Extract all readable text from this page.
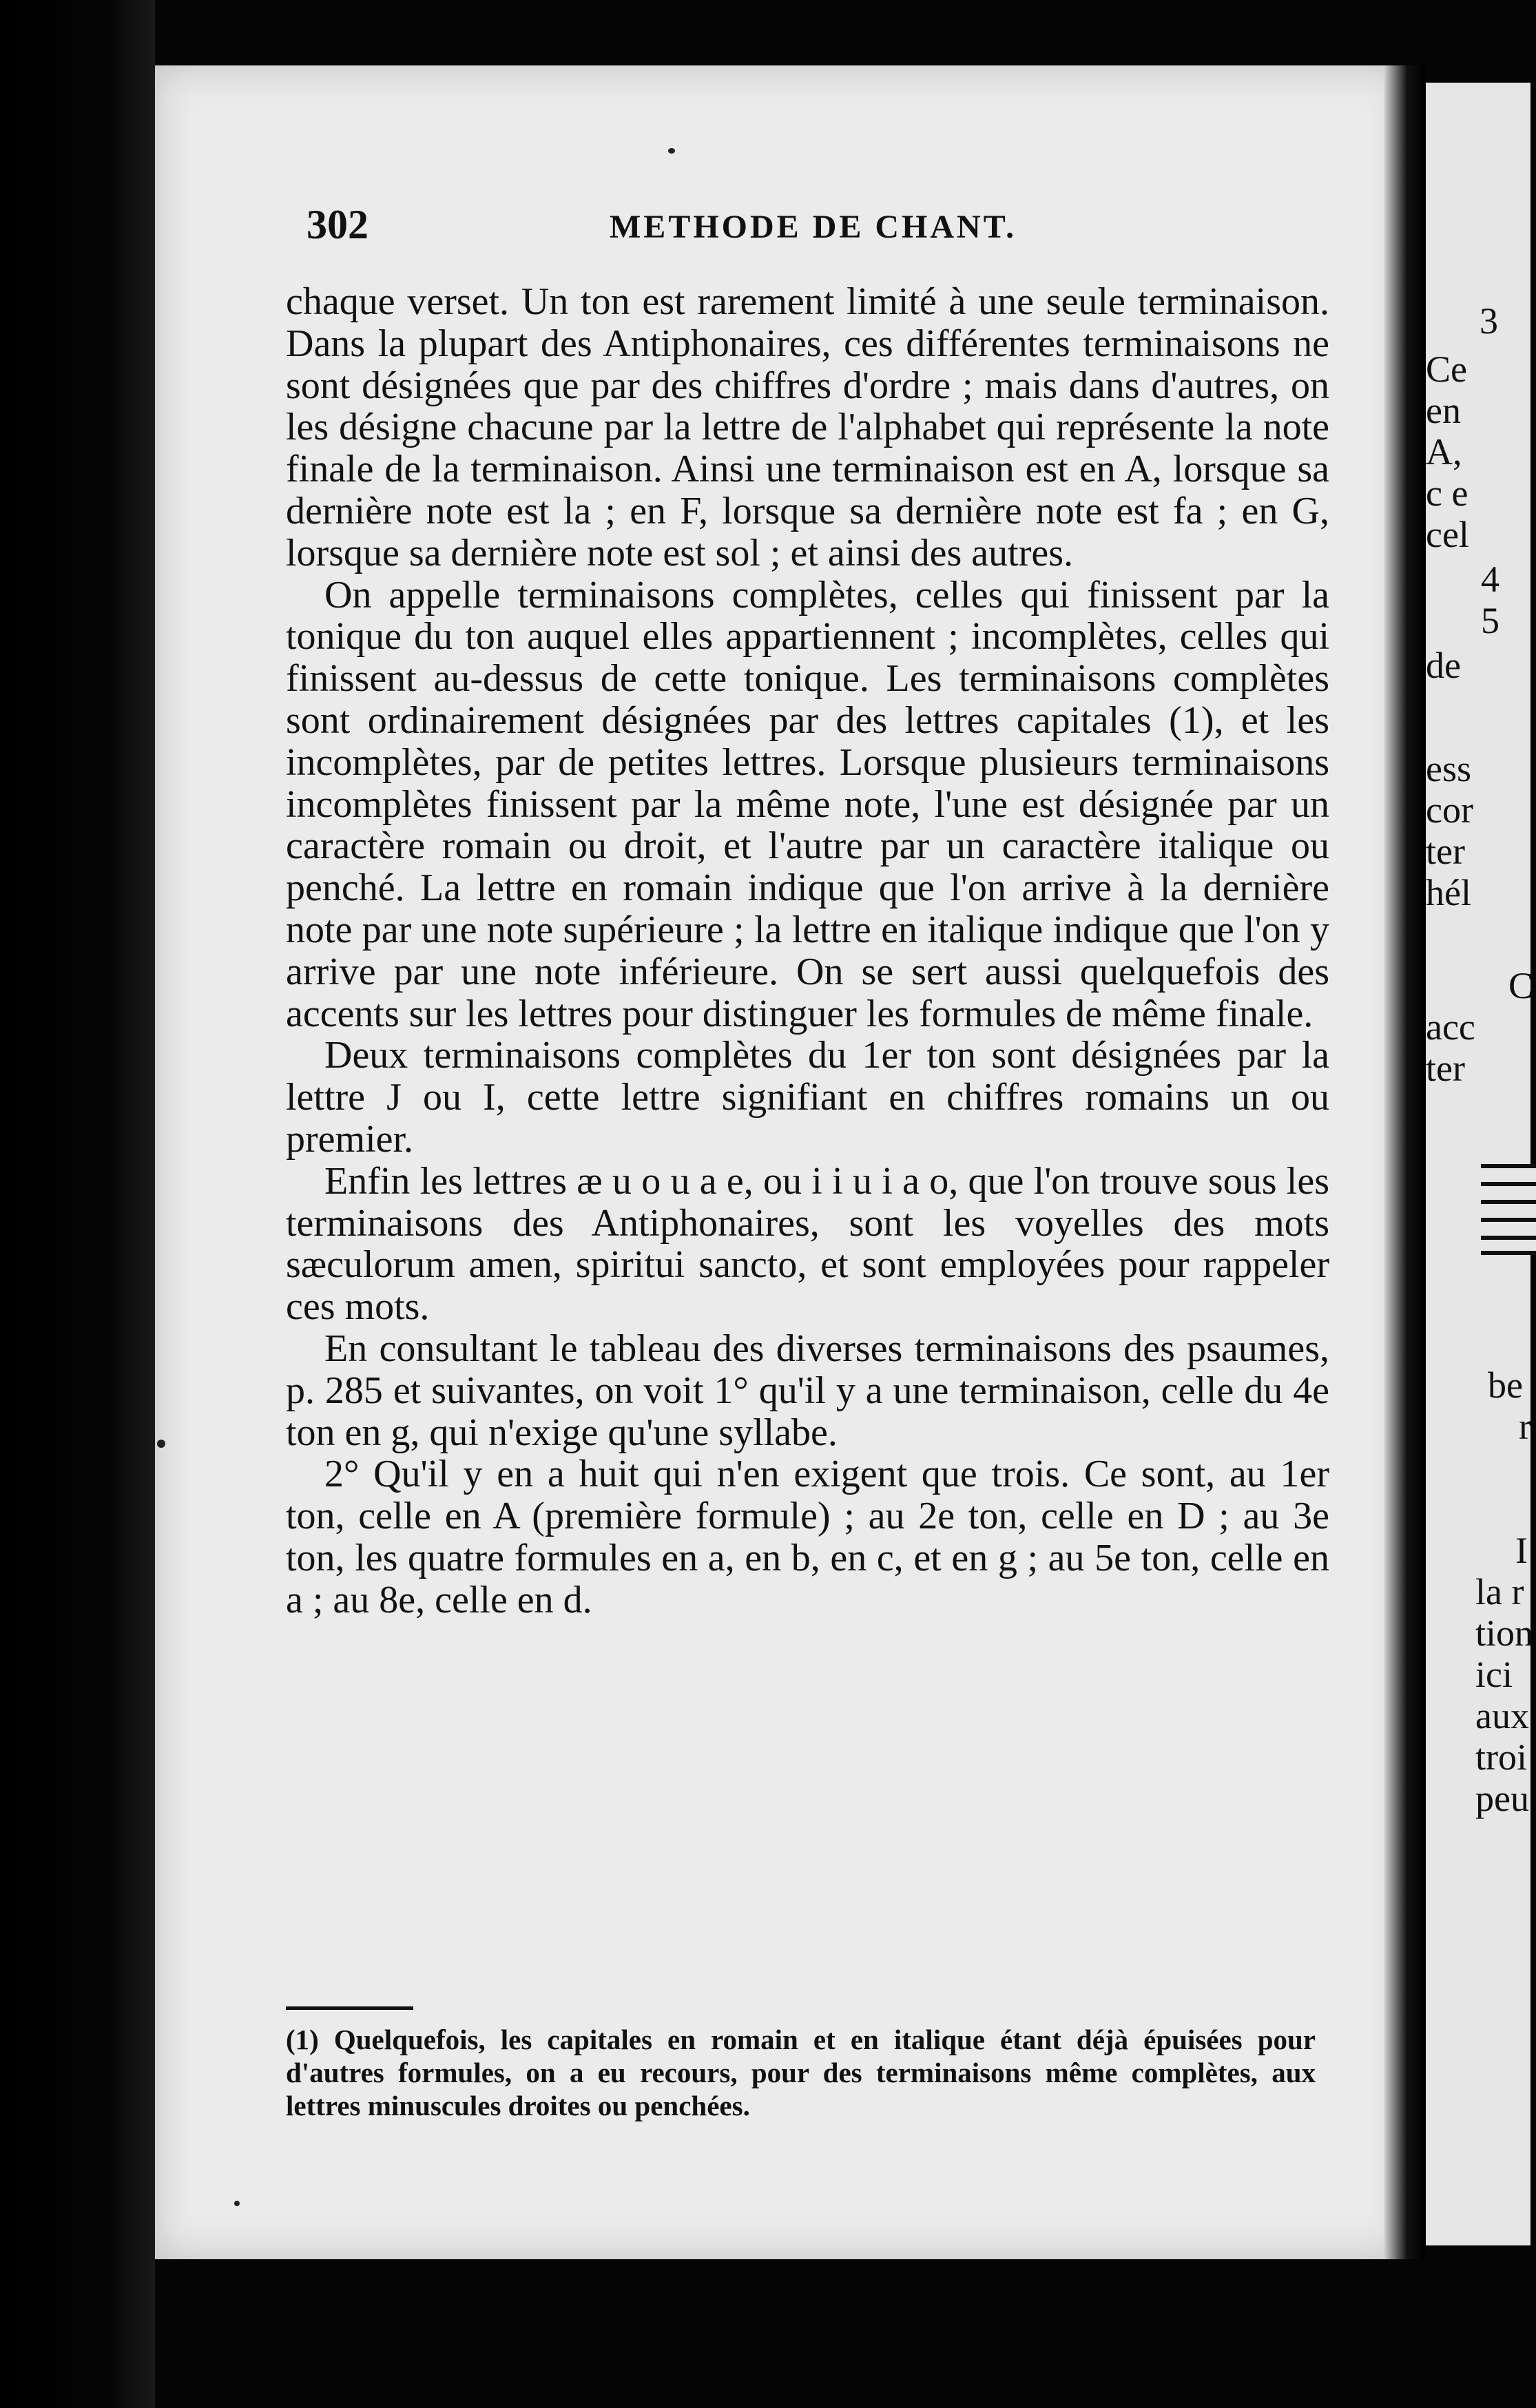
302	METHODE DE CHANT.

chaque verset. Un ton est rarement limité à une seule terminaison. Dans la plupart des Antiphonaires, ces différentes terminaisons ne sont désignées que par des chiffres d'ordre ; mais dans d'autres, on les désigne chacune par la lettre de l'alphabet qui représente la note finale de la terminaison. Ainsi une terminaison est en A, lorsque sa dernière note est la ; en F, lorsque sa dernière note est fa ; en G, lorsque sa dernière note est sol ; et ainsi des autres.

On appelle terminaisons complètes, celles qui finissent par la tonique du ton auquel elles appartiennent ; incomplètes, celles qui finissent au-dessus de cette tonique. Les terminaisons complètes sont ordinairement désignées par des lettres capitales (1), et les incomplètes, par de petites lettres. Lorsque plusieurs terminaisons incomplètes finissent par la même note, l'une est désignée par un caractère romain ou droit, et l'autre par un caractère italique ou penché. La lettre en romain indique que l'on arrive à la dernière note par une note supérieure ; la lettre en italique indique que l'on y arrive par une note inférieure. On se sert aussi quelquefois des accents sur les lettres pour distinguer les formules de même finale.

Deux terminaisons complètes du 1er ton sont désignées par la lettre J ou I, cette lettre signifiant en chiffres romains un ou premier.

Enfin les lettres æ u o u a e, ou i i u i a o, que l'on trouve sous les terminaisons des Antiphonaires, sont les voyelles des mots sæculorum amen, spiritui sancto, et sont employées pour rappeler ces mots.

En consultant le tableau des diverses terminaisons des psaumes, p. 285 et suivantes, on voit 1° qu'il y a une terminaison, celle du 4e ton en g, qui n'exige qu'une syllabe.

2° Qu'il y en a huit qui n'en exigent que trois. Ce sont, au 1er ton, celle en A (première formule) ; au 2e ton, celle en D ; au 3e ton, les quatre formules en a, en b, en c, et en g ; au 5e ton, celle en a ; au 8e, celle en d.

(1) Quelquefois, les capitales en romain et en italique étant déjà épuisées pour d'autres formules, on a eu recours, pour des terminaisons même complètes, aux lettres minuscules droites ou penchées.

3
Ce
en
A,
c e
cel
4
5
de
ess
cor
ter
hél
C
acc
ter
be
r
I
la r
tion
ici
aux
troi
peu
